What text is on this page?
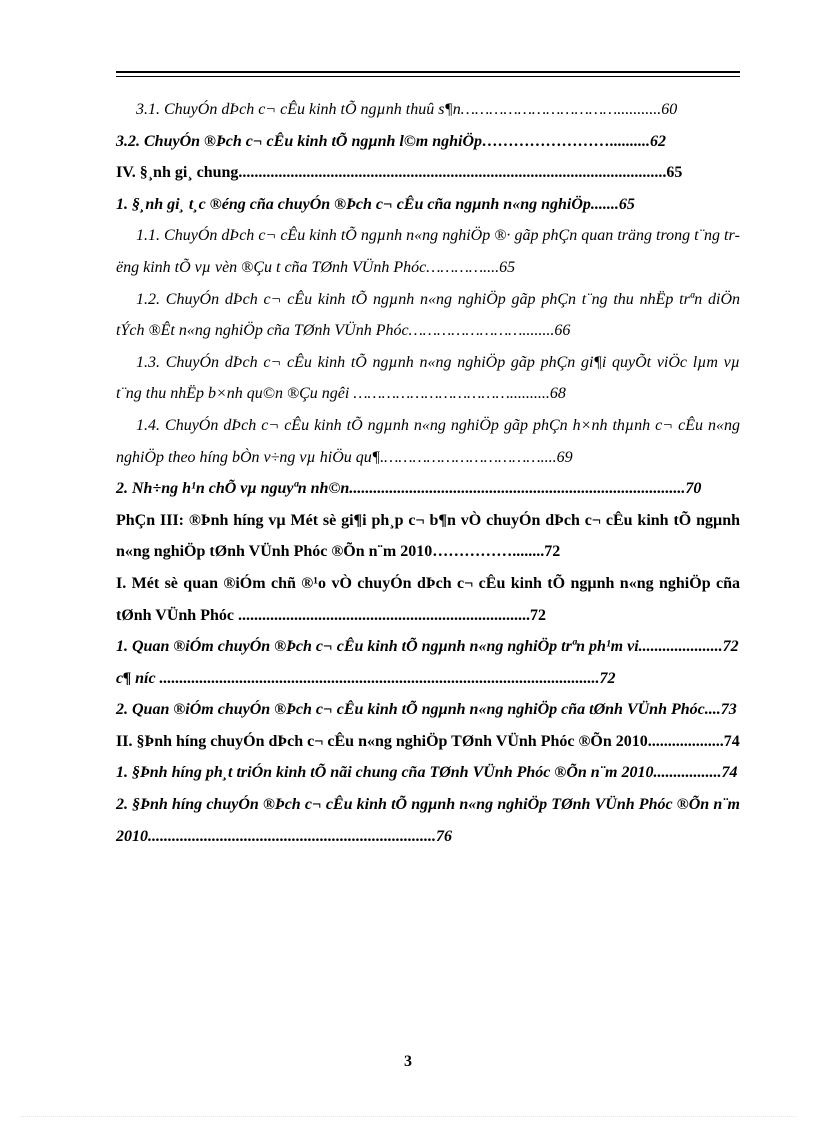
3.1. ChuyÓn dÞch c¬ cÊu kinh tÕ ngµnh thuû s¶n……………………………...........60
3.2. ChuyÓn ®Þch c¬ cÊu kinh tÕ ngµnh l©m nghiÖp……………………..........62
IV. §¸nh gi¸ chung...........................................................................................................65
1. §¸nh gi¸ t¸c ®éng cña chuyÓn ®Þch c¬ cÊu cña ngµnh n«ng nghiÖp.......65
1.1. ChuyÓn dÞch c¬ cÊu kinh tÕ ngµnh n«ng nghiÖp ®· gãp phÇn quan träng trong t¨ng trëng kinh tÕ vµ vèn ®Çu t cña TØnh VÜnh Phóc…………....65
1.2. ChuyÓn dÞch c¬ cÊu kinh tÕ ngµnh n«ng nghiÖp gãp phÇn t¨ng thu nhËp trªn diÖn tÝch ®Êt n«ng nghiÖp cña TØnh VÜnh Phóc……………………........66
1.3. ChuyÓn dÞch c¬ cÊu kinh tÕ ngµnh n«ng nghiÖp gãp phÇn gi¶i quyÕt viÖc lµm vµ t¨ng thu nhËp b×nh qu©n ®Çu ngêi ……………………………..........68
1.4. ChuyÓn dÞch c¬ cÊu kinh tÕ ngµnh n«ng nghiÖp gãp phÇn h×nh thµnh c¬ cÊu n«ng nghiÖp theo híng bÒn v÷ng vµ hiÖu qu¶.……………………………....69
2. Nh÷ng h¹n chÕ vµ nguyªn nh©n....................................................................................70
PhÇn III: ®Þnh híng vµ Mét sè gi¶i ph¸p c¬ b¶n vÒ chuyÓn dÞch c¬ cÊu kinh tÕ ngµnh n«ng nghiÖp tØnh VÜnh Phóc ®Õn n¨m 2010……………........72
I. Mét sè quan ®iÓm chñ ®¹o vÒ chuyÓn dÞch c¬ cÊu kinh tÕ ngµnh n«ng nghiÖp cña tØnh VÜnh Phóc .........................................................................72
1. Quan ®iÓm chuyÓn ®Þch c¬ cÊu kinh tÕ ngµnh n«ng nghiÖp trªn ph¹m vi.....................72
c¶ níc ..............................................................................................................72
2. Quan ®iÓm chuyÓn ®Þch c¬ cÊu kinh tÕ ngµnh n«ng nghiÖp cña tØnh VÜnh Phóc....73
II. §Þnh híng chuyÓn dÞch c¬ cÊu n«ng nghiÖp TØnh VÜnh Phóc ®Õn 2010...................74
1. §Þnh híng ph¸t triÓn kinh tÕ nãi chung cña TØnh VÜnh Phóc ®Õn n¨m 2010.................74
2. §Þnh híng chuyÓn ®Þch c¬ cÊu kinh tÕ ngµnh n«ng nghiÖp TØnh VÜnh Phóc ®Õn n¨m 2010........................................................................76
3
